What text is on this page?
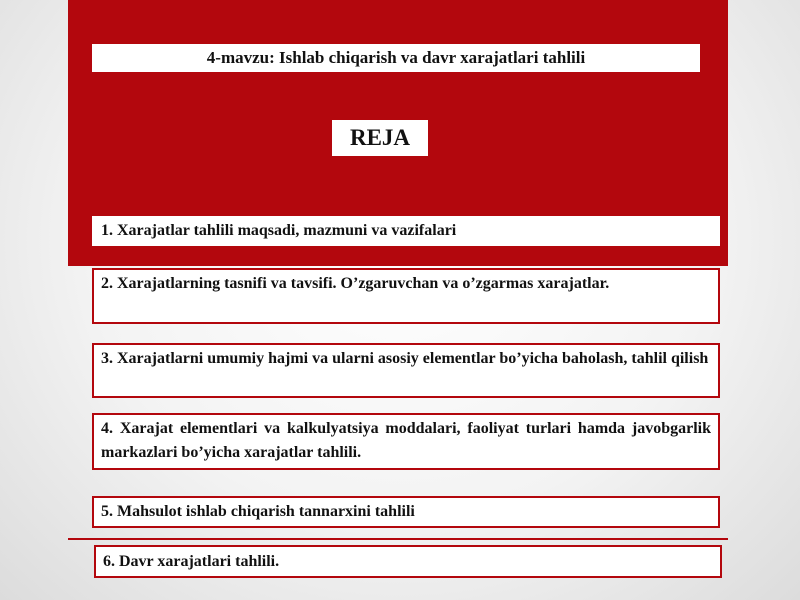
4-mavzu: Ishlab chiqarish va davr xarajatlari tahlili
REJA
1. Xarajatlar tahlili maqsadi, mazmuni va vazifalari
2. Xarajatlarning tasnifi va tavsifi. O’zgaruvchan va o’zgarmas xarajatlar.
3. Xarajatlarni umumiy hajmi va ularni asosiy elementlar bo’yicha baholash, tahlil qilish
4. Xarajat elementlari va kalkulyatsiya moddalari, faoliyat turlari hamda javobgarlik markazlari bo’yicha xarajatlar tahlili.
5. Mahsulot ishlab chiqarish tannarxini tahlili
6. Davr xarajatlari tahlili.
